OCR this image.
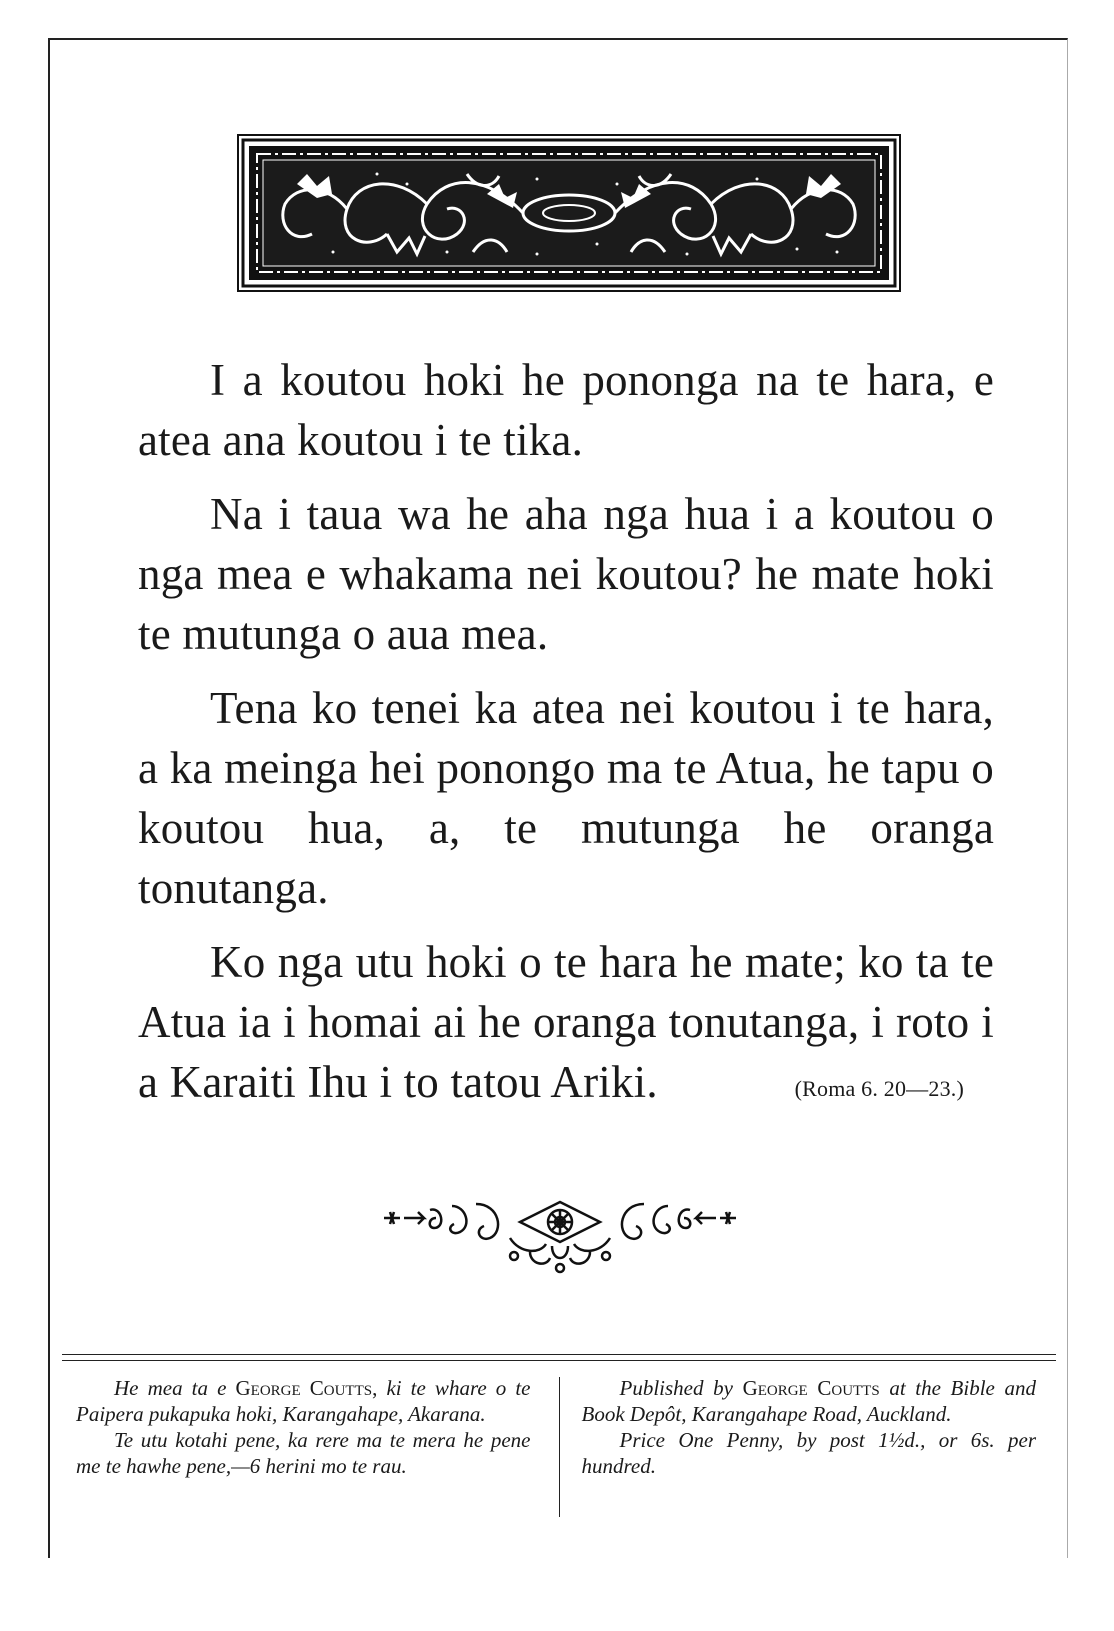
I a koutou hoki he pononga na te hara, e atea ana koutou i te tika.

Na i taua wa he aha nga hua i a koutou o nga mea e whakama nei koutou? he mate hoki te mutunga o aua mea.

Tena ko tenei ka atea nei koutou i te hara, a ka meinga hei ponongo ma te Atua, he tapu o koutou hua, a, te mutunga he oranga tonutanga.

Ko nga utu hoki o te hara he mate; ko ta te Atua ia i homai ai he oranga tonutanga, i roto i a Karaiti Ihu i to tatou Ariki.	(Roma 6. 20—23.)

He mea ta e George Coutts, ki te whare o te Paipera pukapuka hoki, Karangahape, Akarana.

Te utu kotahi pene, ka rere ma te mera he pene me te hawhe pene,—6 herini mo te rau.

Published by George Coutts at the Bible and Book Depôt, Karangahape Road, Auckland.

Price One Penny, by post 1½d., or 6s. per hundred.
